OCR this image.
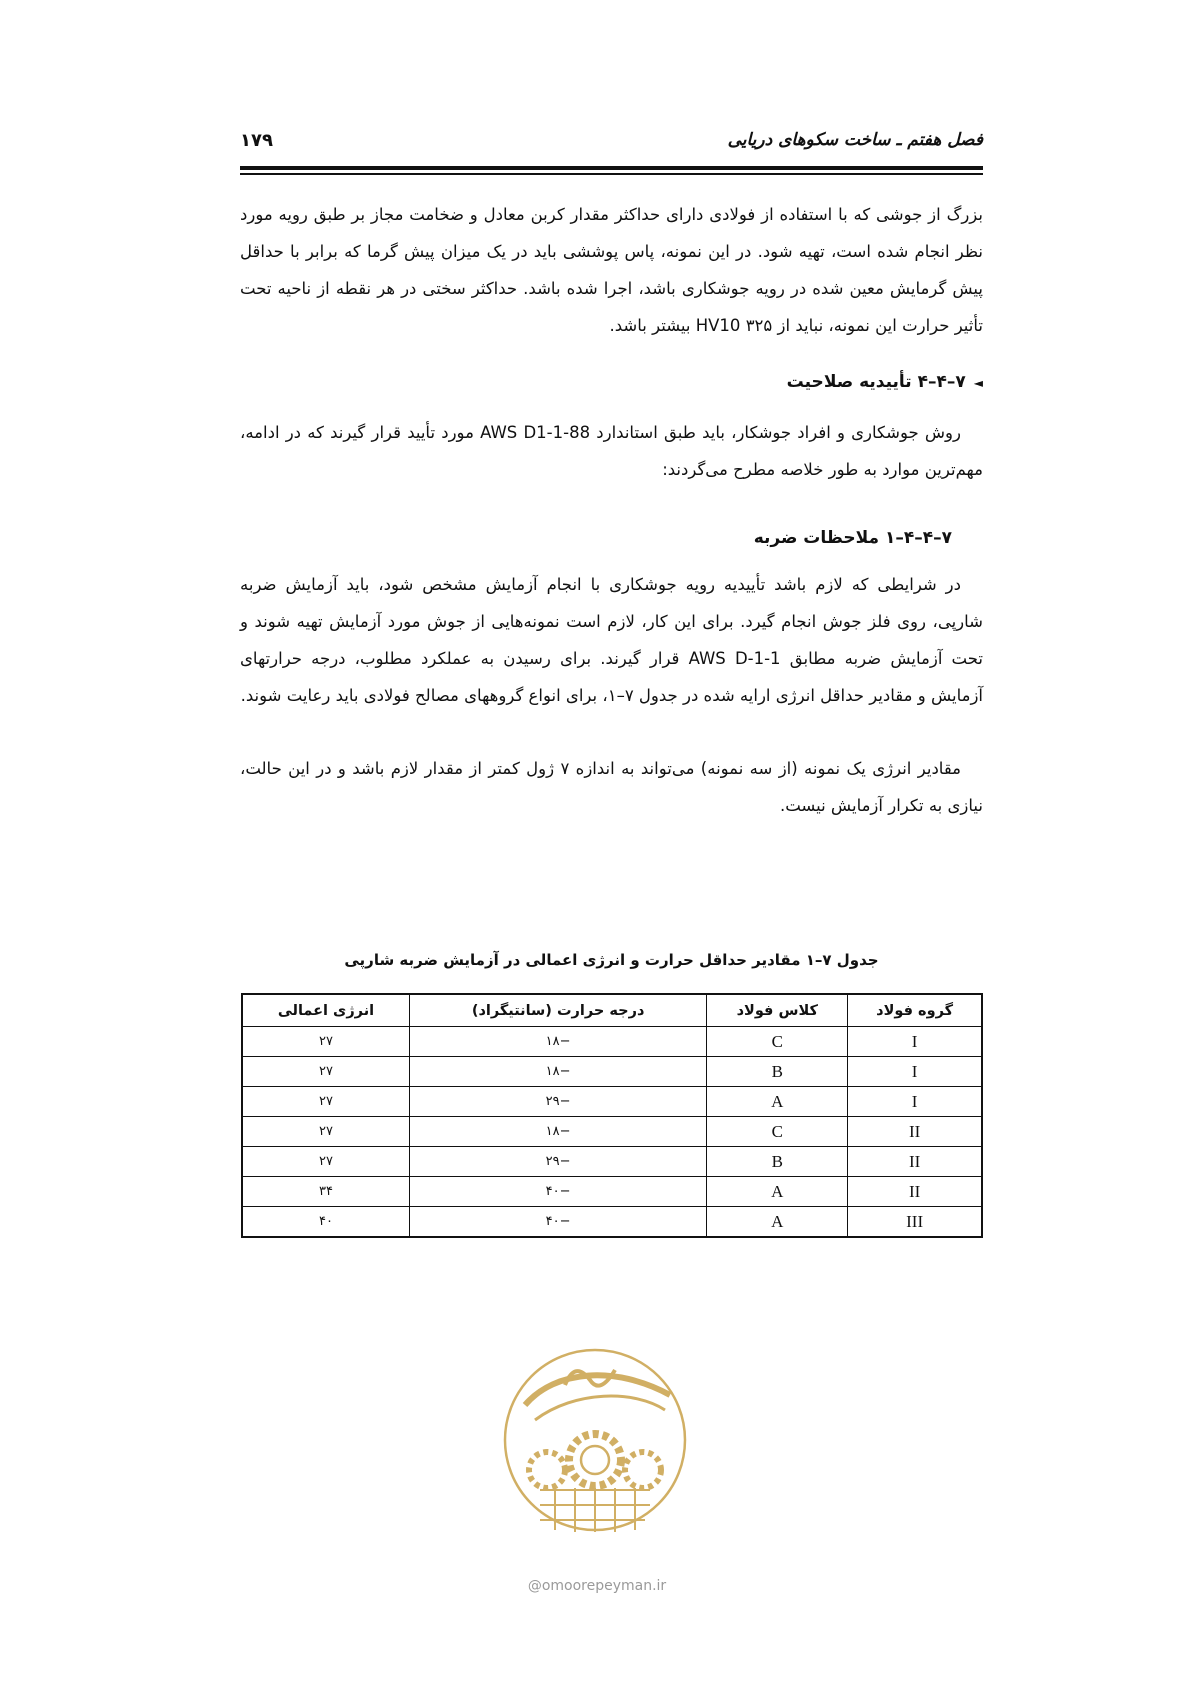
فصل هفتم ـ ساخت سکوهای دریایی
۱۷۹
بزرگ از جوشی که با استفاده از فولادی دارای حداکثر مقدار کربن معادل و ضخامت مجاز بر طبق رویه مورد نظر انجام شده است، تهیه شود. در این نمونه، پاس پوششی باید در یک میزان پیش گرما که برابر با حداقل پیش گرمایش معین شده در رویه جوشکاری باشد، اجرا شده باشد. حداکثر سختی در هر نقطه از ناحیه تحت تأثیر حرارت این نمونه، نباید از ۳۲۵ HV10 بیشتر باشد.
◄۷–۴–۴ تأییدیه صلاحیت
روش جوشکاری و افراد جوشکار، باید طبق استاندارد AWS D1-1-88 مورد تأیید قرار گیرند که در ادامه، مهم‌ترین موارد به طور خلاصه مطرح می‌گردند:
۷–۴–۴–۱ ملاحظات ضربه
در شرایطی که لازم باشد تأییدیه رویه جوشکاری با انجام آزمایش مشخص شود، باید آزمایش ضربه شارپی، روی فلز جوش انجام گیرد. برای این کار، لازم است نمونه‌هایی از جوش مورد آزمایش تهیه شوند و تحت آزمایش ضربه مطابق AWS D-1-1 قرار گیرند. برای رسیدن به عملکرد مطلوب، درجه حرارتهای آزمایش و مقادیر حداقل انرژی ارایه شده در جدول ۷–۱، برای انواع گروههای مصالح فولادی باید رعایت شوند.
مقادیر انرژی یک نمونه (از سه نمونه) می‌تواند به اندازه ۷ ژول کمتر از مقدار لازم باشد و در این حالت، نیازی به تکرار آزمایش نیست.
جدول ۷–۱ مقادیر حداقل حرارت و انرژی اعمالی در آزمایش ضربه شارپی
گروه فولاد	کلاس فولاد	درجه حرارت (سانتیگراد)	انرژی اعمالی
I	C	−۱۸	۲۷
I	B	−۱۸	۲۷
I	A	−۲۹	۲۷
II	C	−۱۸	۲۷
II	B	−۲۹	۲۷
II	A	−۴۰	۳۴
III	A	−۴۰	۴۰
@omoorepeyman.ir
